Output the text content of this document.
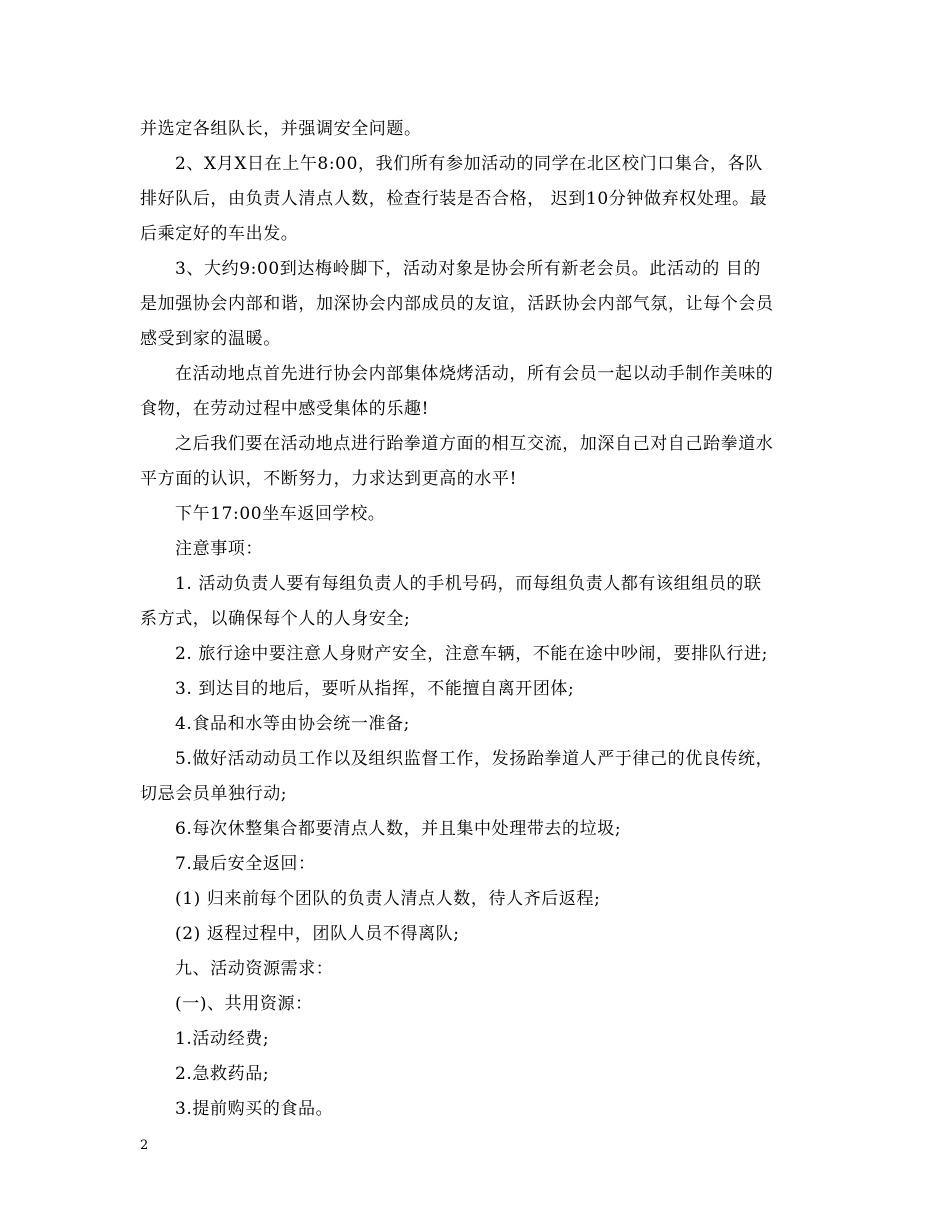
并选定各组队长，并强调安全问题。
2、X月X日在上午8:00，我们所有参加活动的同学在北区校门口集合，各队
排好队后，由负责人清点人数，检查行装是否合格， 迟到10分钟做弃权处理。最
后乘定好的车出发。
3、大约9:00到达梅岭脚下，活动对象是协会所有新老会员。此活动的 目的
是加强协会内部和谐，加深协会内部成员的友谊，活跃协会内部气氛，让每个会员
感受到家的温暖。
在活动地点首先进行协会内部集体烧烤活动，所有会员一起以动手制作美味的
食物，在劳动过程中感受集体的乐趣!
之后我们要在活动地点进行跆拳道方面的相互交流，加深自己对自己跆拳道水
平方面的认识，不断努力，力求达到更高的水平!
下午17:00坐车返回学校。
注意事项：
1. 活动负责人要有每组负责人的手机号码，而每组负责人都有该组组员的联
系方式，以确保每个人的人身安全;
2. 旅行途中要注意人身财产安全，注意车辆，不能在途中吵闹，要排队行进;
3. 到达目的地后，要听从指挥，不能擅自离开团体;
4.食品和水等由协会统一准备;
5.做好活动动员工作以及组织监督工作，发扬跆拳道人严于律己的优良传统，
切忌会员单独行动;
6.每次休整集合都要清点人数，并且集中处理带去的垃圾;
7.最后安全返回：
(1) 归来前每个团队的负责人清点人数，待人齐后返程;
(2) 返程过程中，团队人员不得离队;
九、活动资源需求：
(一)、共用资源：
1.活动经费;
2.急救药品;
3.提前购买的食品。
2
